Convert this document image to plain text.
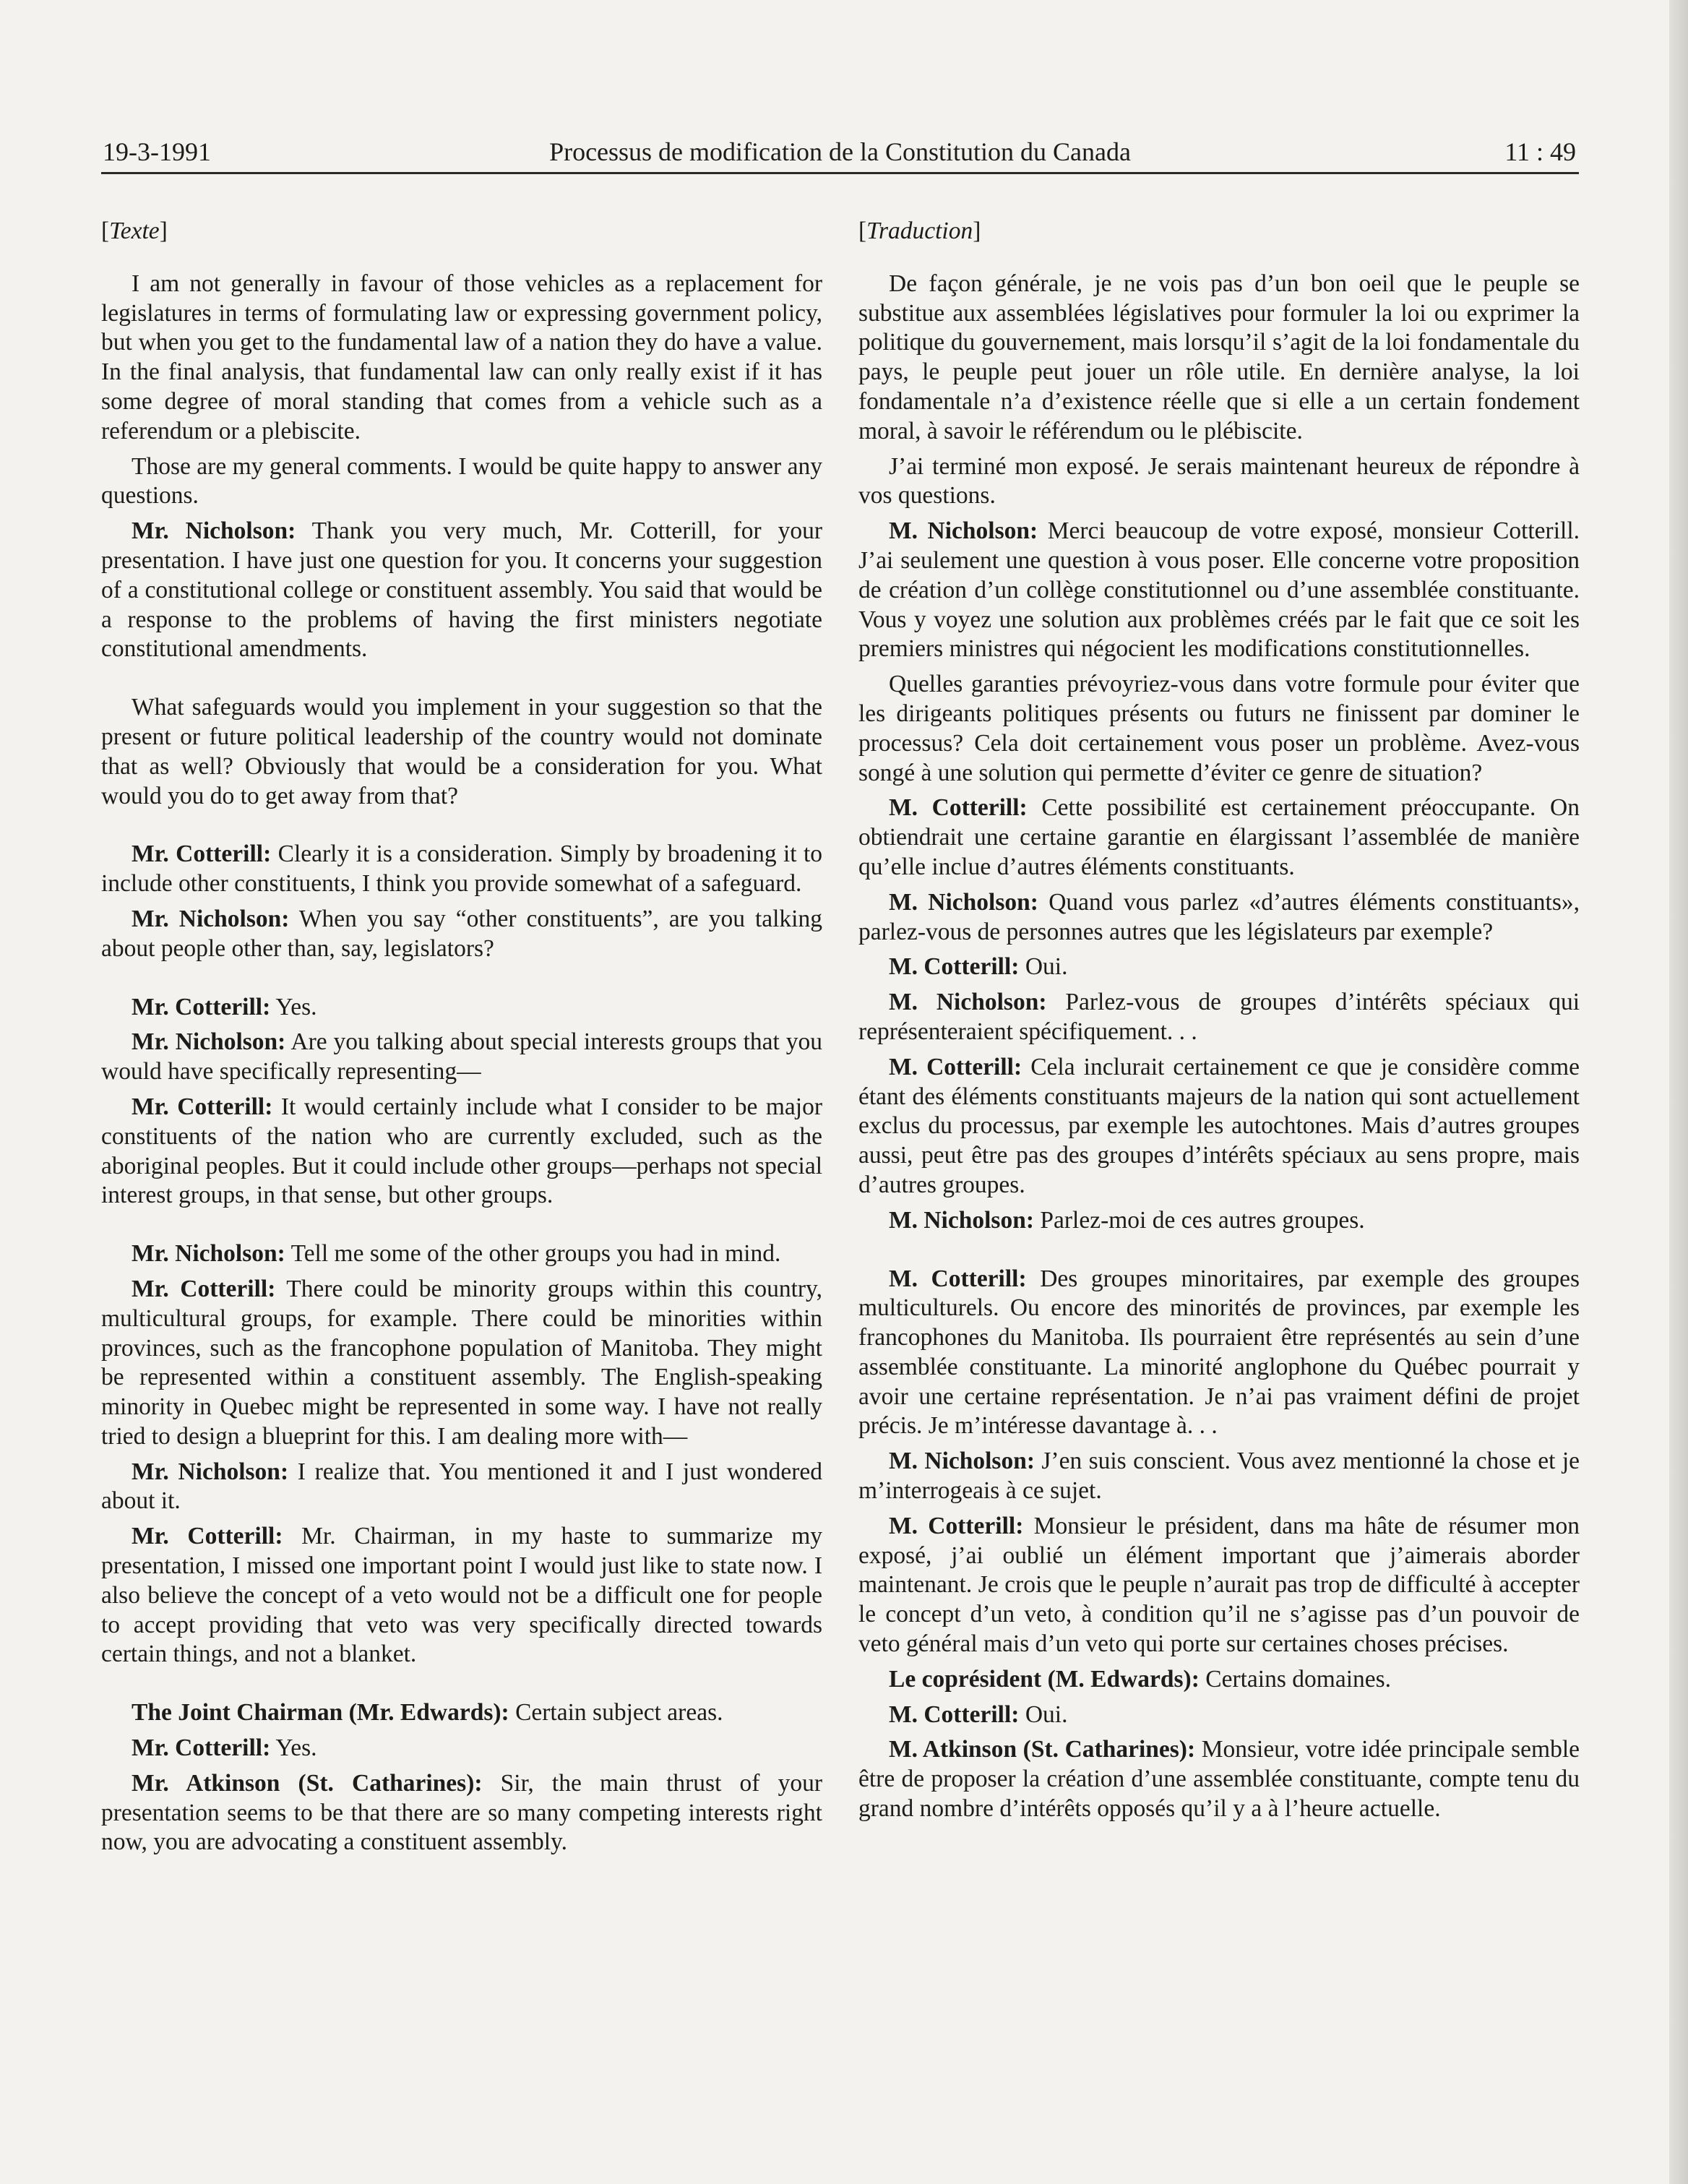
19-3-1991	Processus de modification de la Constitution du Canada	11 : 49

[Texte]

I am not generally in favour of those vehicles as a replacement for legislatures in terms of formulating law or expressing government policy, but when you get to the fundamental law of a nation they do have a value. In the final analysis, that fundamental law can only really exist if it has some degree of moral standing that comes from a vehicle such as a referendum or a plebiscite.

Those are my general comments. I would be quite happy to answer any questions.

Mr. Nicholson: Thank you very much, Mr. Cotterill, for your presentation. I have just one question for you. It concerns your suggestion of a constitutional college or constituent assembly. You said that would be a response to the problems of having the first ministers negotiate constitutional amendments.

What safeguards would you implement in your suggestion so that the present or future political leadership of the country would not dominate that as well? Obviously that would be a consideration for you. What would you do to get away from that?

Mr. Cotterill: Clearly it is a consideration. Simply by broadening it to include other constituents, I think you provide somewhat of a safeguard.

Mr. Nicholson: When you say “other constituents”, are you talking about people other than, say, legislators?

Mr. Cotterill: Yes.

Mr. Nicholson: Are you talking about special interests groups that you would have specifically representing—

Mr. Cotterill: It would certainly include what I consider to be major constituents of the nation who are currently excluded, such as the aboriginal peoples. But it could include other groups—perhaps not special interest groups, in that sense, but other groups.

Mr. Nicholson: Tell me some of the other groups you had in mind.

Mr. Cotterill: There could be minority groups within this country, multicultural groups, for example. There could be minorities within provinces, such as the francophone population of Manitoba. They might be represented within a constituent assembly. The English-speaking minority in Quebec might be represented in some way. I have not really tried to design a blueprint for this. I am dealing more with—

Mr. Nicholson: I realize that. You mentioned it and I just wondered about it.

Mr. Cotterill: Mr. Chairman, in my haste to summarize my presentation, I missed one important point I would just like to state now. I also believe the concept of a veto would not be a difficult one for people to accept providing that veto was very specifically directed towards certain things, and not a blanket.

The Joint Chairman (Mr. Edwards): Certain subject areas.

Mr. Cotterill: Yes.

Mr. Atkinson (St. Catharines): Sir, the main thrust of your presentation seems to be that there are so many competing interests right now, you are advocating a constituent assembly.

[Traduction]

De façon générale, je ne vois pas d’un bon oeil que le peuple se substitue aux assemblées législatives pour formuler la loi ou exprimer la politique du gouvernement, mais lorsqu’il s’agit de la loi fondamentale du pays, le peuple peut jouer un rôle utile. En dernière analyse, la loi fondamentale n’a d’existence réelle que si elle a un certain fondement moral, à savoir le référendum ou le plébiscite.

J’ai terminé mon exposé. Je serais maintenant heureux de répondre à vos questions.

M. Nicholson: Merci beaucoup de votre exposé, monsieur Cotterill. J’ai seulement une question à vous poser. Elle concerne votre proposition de création d’un collège constitutionnel ou d’une assemblée constituante. Vous y voyez une solution aux problèmes créés par le fait que ce soit les premiers ministres qui négocient les modifications constitutionnelles.

Quelles garanties prévoyriez-vous dans votre formule pour éviter que les dirigeants politiques présents ou futurs ne finissent par dominer le processus? Cela doit certainement vous poser un problème. Avez-vous songé à une solution qui permette d’éviter ce genre de situation?

M. Cotterill: Cette possibilité est certainement préoccupante. On obtiendrait une certaine garantie en élargissant l’assemblée de manière qu’elle inclue d’autres éléments constituants.

M. Nicholson: Quand vous parlez «d’autres éléments constituants», parlez-vous de personnes autres que les législateurs par exemple?

M. Cotterill: Oui.

M. Nicholson: Parlez-vous de groupes d’intérêts spéciaux qui représenteraient spécifiquement. . .

M. Cotterill: Cela inclurait certainement ce que je considère comme étant des éléments constituants majeurs de la nation qui sont actuellement exclus du processus, par exemple les autochtones. Mais d’autres groupes aussi, peut être pas des groupes d’intérêts spéciaux au sens propre, mais d’autres groupes.

M. Nicholson: Parlez-moi de ces autres groupes.

M. Cotterill: Des groupes minoritaires, par exemple des groupes multiculturels. Ou encore des minorités de provinces, par exemple les francophones du Manitoba. Ils pourraient être représentés au sein d’une assemblée constituante. La minorité anglophone du Québec pourrait y avoir une certaine représentation. Je n’ai pas vraiment défini de projet précis. Je m’intéresse davantage à. . .

M. Nicholson: J’en suis conscient. Vous avez mentionné la chose et je m’interrogeais à ce sujet.

M. Cotterill: Monsieur le président, dans ma hâte de résumer mon exposé, j’ai oublié un élément important que j’aimerais aborder maintenant. Je crois que le peuple n’aurait pas trop de difficulté à accepter le concept d’un veto, à condition qu’il ne s’agisse pas d’un pouvoir de veto général mais d’un veto qui porte sur certaines choses précises.

Le coprésident (M. Edwards): Certains domaines.

M. Cotterill: Oui.

M. Atkinson (St. Catharines): Monsieur, votre idée principale semble être de proposer la création d’une assemblée constituante, compte tenu du grand nombre d’intérêts opposés qu’il y a à l’heure actuelle.
